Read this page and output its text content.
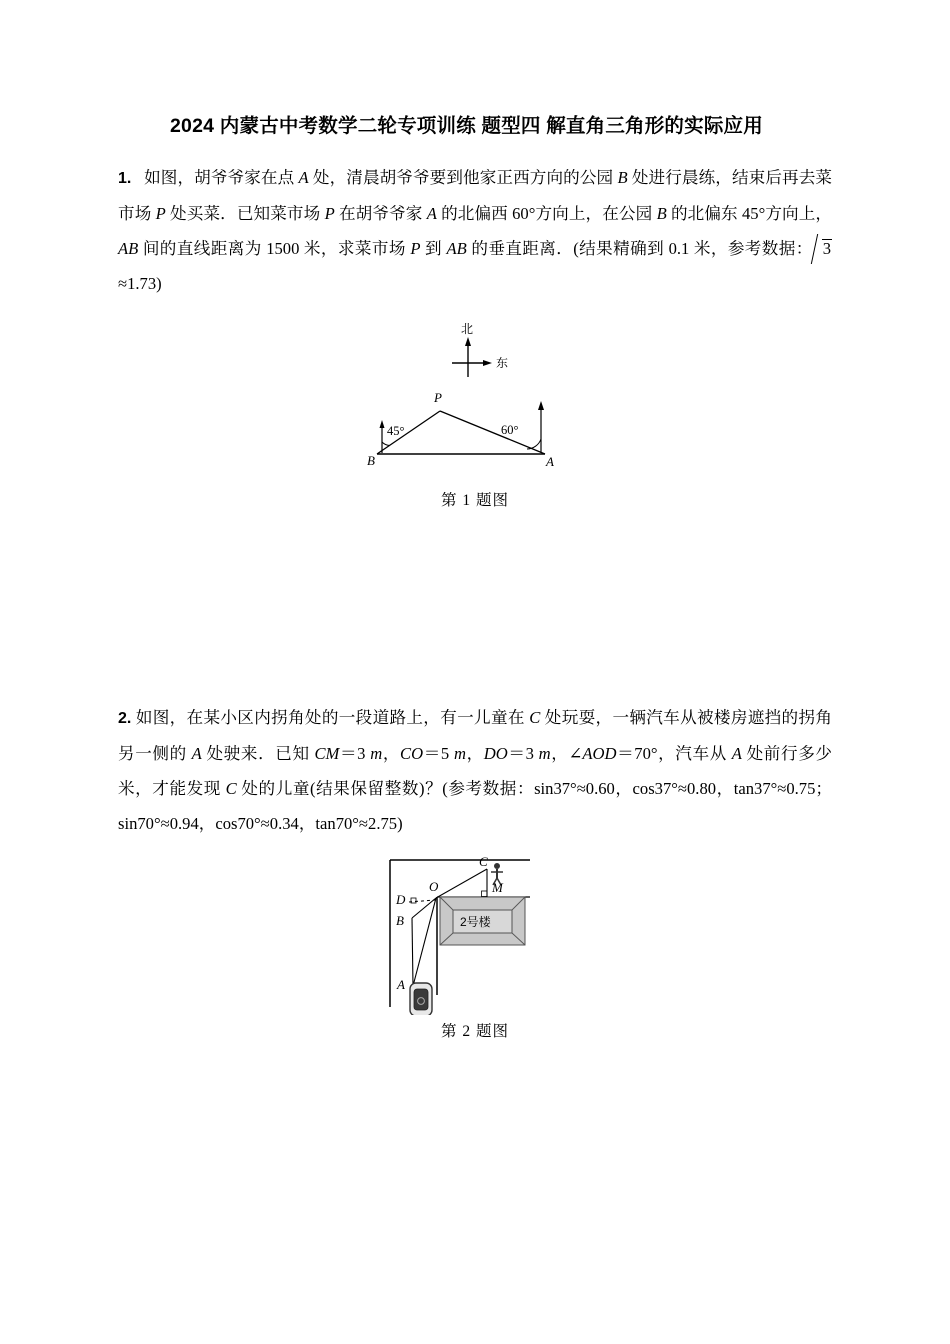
2024 内蒙古中考数学二轮专项训练 题型四 解直角三角形的实际应用
1. 如图，胡爷爷家在点 A 处，清晨胡爷爷要到他家正西方向的公园 B 处进行晨练，结束后再去菜市场 P 处买菜．已知菜市场 P 在胡爷爷家 A 的北偏西 60°方向上，在公园 B 的北偏东 45°方向上，AB 间的直线距离为 1500 米，求菜市场 P 到 AB 的垂直距离．(结果精确到 0.1 米，参考数据： 3≈1.73)
北
东
B
P
A
45°	60°
第 1 题图
2. 如图，在某小区内拐角处的一段道路上，有一儿童在 C 处玩耍，一辆汽车从被楼房遮挡的拐角另一侧的 A 处驶来．已知 CM＝3 m，CO＝5 m，DO＝3 m，∠AOD＝70°，汽车从 A 处前行多少米，才能发现 C 处的儿童(结果保留整数)？(参考数据：sin37°≈0.60，cos37°≈0.80，tan37°≈0.75；sin70°≈0.94，cos70°≈0.34，tan70°≈2.75)
2号楼
C
M
O
D
B
A
第 2 题图
